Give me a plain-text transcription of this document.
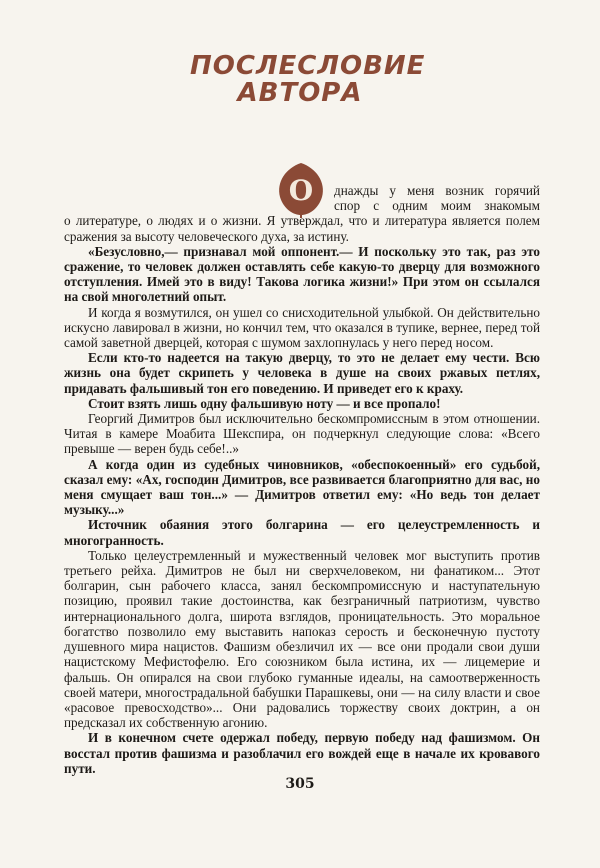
ПОСЛЕСЛОВИЕ
АВТОРА
О днажды у меня возник горячий
спор с одним моим знакомым

о литературе, о людях и о жизни. Я утверждал, что и литература является полем сражения за высоту человеческого духа, за истину.

«Безусловно,— признавал мой оппонент.— И поскольку это так, раз это сражение, то человек должен оставлять себе какую-то дверцу для возможного отступления. Имей это в виду! Такова логика жизни!» При этом он ссылался на свой многолетний опыт.

И когда я возмутился, он ушел со снисходительной улыбкой. Он действительно искусно лавировал в жизни, но кончил тем, что оказался в тупике, вернее, перед той самой заветной дверцей, которая с шумом захлопнулась у него перед носом.

Если кто-то надеется на такую дверцу, то это не делает ему чести. Всю жизнь она будет скрипеть у человека в душе на своих ржавых петлях, придавать фальшивый тон его поведению. И приведет его к краху.

Стоит взять лишь одну фальшивую ноту — и все пропало!

Георгий Димитров был исключительно бескомпромиссным в этом отношении. Читая в камере Моабита Шекспира, он подчеркнул следующие слова: «Всего превыше — верен будь себе!..»

А когда один из судебных чиновников, «обеспокоенный» его судьбой, сказал ему: «Ах, господин Димитров, все развивается благоприятно для вас, но меня смущает ваш тон...» — Димитров ответил ему: «Но ведь тон делает музыку...»

Источник обаяния этого болгарина — его целеустремленность и многогранность.

Только целеустремленный и мужественный человек мог выступить против третьего рейха. Димитров не был ни сверхчеловеком, ни фанатиком... Этот болгарин, сын рабочего класса, занял бескомпромиссную и наступательную позицию, проявил такие достоинства, как безграничный патриотизм, чувство интернационального долга, широта взглядов, проницательность. Это моральное богатство позволило ему выставить напоказ серость и бесконечную пустоту душевного мира нацистов. Фашизм обезличил их — все они продали свои души нацистскому Мефистофелю. Его союзником была истина, их — лицемерие и фальшь. Он опирался на свои глубоко гуманные идеалы, на самоотверженность своей матери, многострадальной бабушки Парашкевы, они — на силу власти и свое «расовое превосходство»... Они радовались торжеству своих доктрин, а он предсказал их собственную агонию.

И в конечном счете одержал победу, первую победу над фашизмом. Он восстал против фашизма и разоблачил его вождей еще в начале их кровавого пути.

305
